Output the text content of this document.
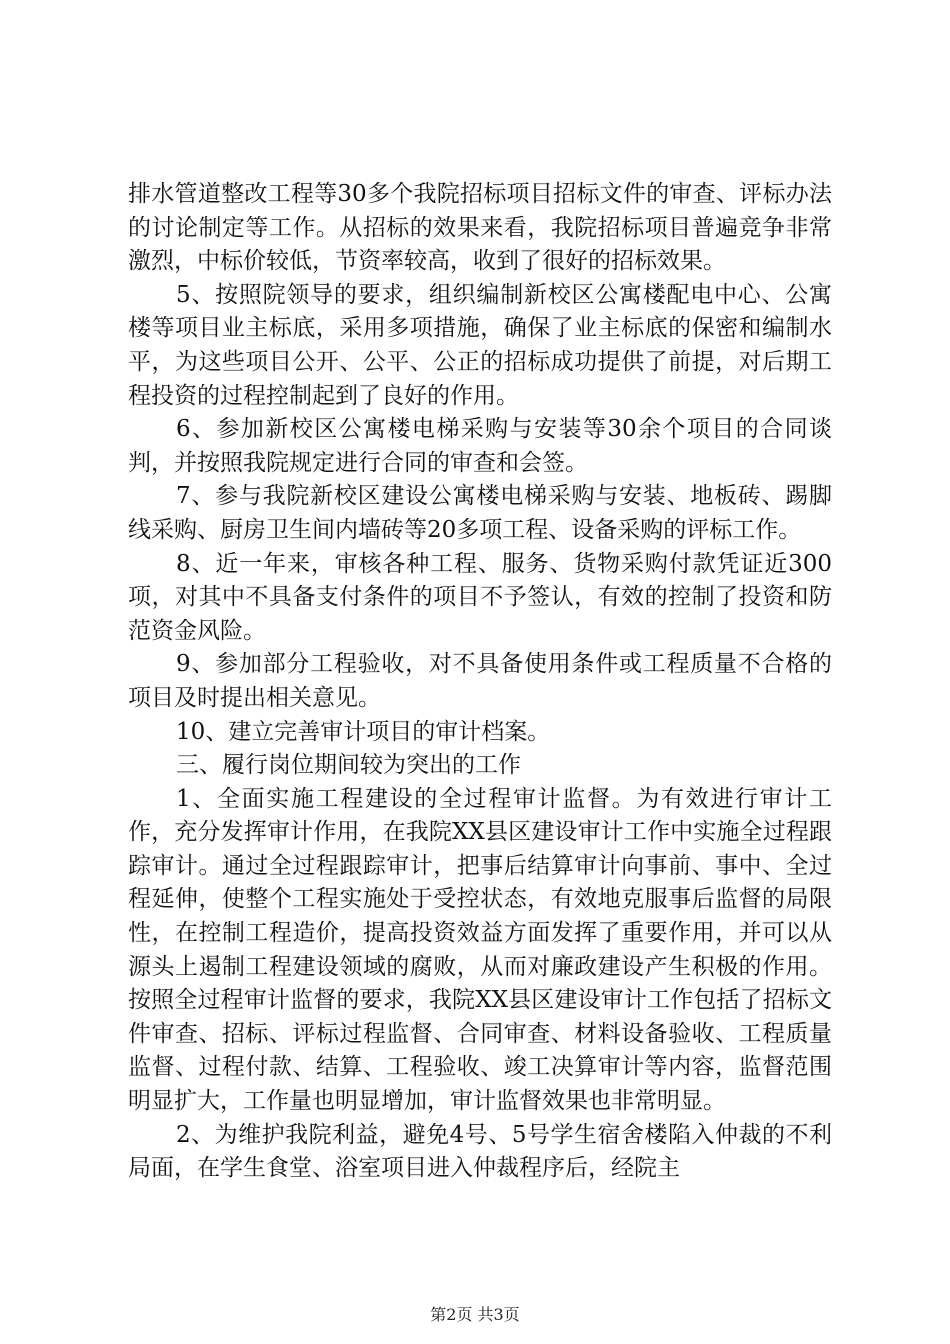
排水管道整改工程等30多个我院招标项目招标文件的审查、评标办法的讨论制定等工作。从招标的效果来看，我院招标项目普遍竞争非常激烈，中标价较低，节资率较高，收到了很好的招标效果。

5、按照院领导的要求，组织编制新校区公寓楼配电中心、公寓楼等项目业主标底，采用多项措施，确保了业主标底的保密和编制水平，为这些项目公开、公平、公正的招标成功提供了前提，对后期工程投资的过程控制起到了良好的作用。

6、参加新校区公寓楼电梯采购与安装等30余个项目的合同谈判，并按照我院规定进行合同的审查和会签。

7、参与我院新校区建设公寓楼电梯采购与安装、地板砖、踢脚线采购、厨房卫生间内墙砖等20多项工程、设备采购的评标工作。

8、近一年来，审核各种工程、服务、货物采购付款凭证近300项，对其中不具备支付条件的项目不予签认，有效的控制了投资和防范资金风险。

9、参加部分工程验收，对不具备使用条件或工程质量不合格的项目及时提出相关意见。

10、建立完善审计项目的审计档案。

三、履行岗位期间较为突出的工作

1、全面实施工程建设的全过程审计监督。为有效进行审计工作，充分发挥审计作用，在我院XX县区建设审计工作中实施全过程跟踪审计。通过全过程跟踪审计，把事后结算审计向事前、事中、全过程延伸，使整个工程实施处于受控状态，有效地克服事后监督的局限性，在控制工程造价，提高投资效益方面发挥了重要作用，并可以从源头上遏制工程建设领域的腐败，从而对廉政建设产生积极的作用。按照全过程审计监督的要求，我院XX县区建设审计工作包括了招标文件审查、招标、评标过程监督、合同审查、材料设备验收、工程质量监督、过程付款、结算、工程验收、竣工决算审计等内容，监督范围明显扩大，工作量也明显增加，审计监督效果也非常明显。

2、为维护我院利益，避免4号、5号学生宿舍楼陷入仲裁的不利局面，在学生食堂、浴室项目进入仲裁程序后，经院主

第2页 共3页
